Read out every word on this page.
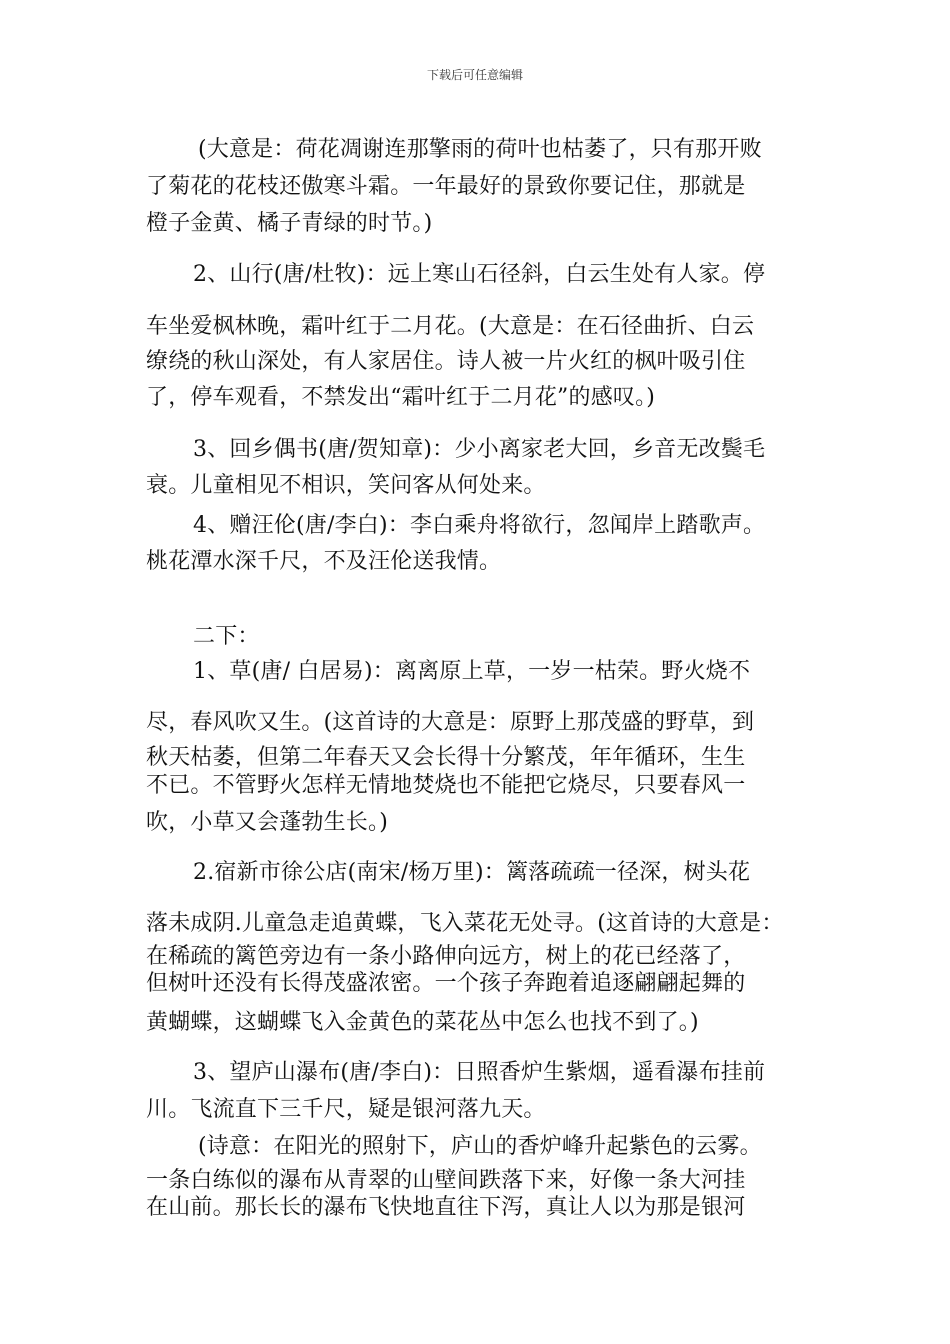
下载后可任意编辑
(大意是：荷花凋谢连那擎雨的荷叶也枯萎了，只有那开败
了菊花的花枝还傲寒斗霜。一年最好的景致你要记住，那就是
橙子金黄、橘子青绿的时节。)
2、山行(唐/杜牧)：远上寒山石径斜，白云生处有人家。停
车坐爱枫林晚，霜叶红于二月花。(大意是：在石径曲折、白云
缭绕的秋山深处，有人家居住。诗人被一片火红的枫叶吸引住
了，停车观看，不禁发出“霜叶红于二月花”的感叹。)
3、回乡偶书(唐/贺知章)：少小离家老大回，乡音无改鬓毛
衰。儿童相见不相识，笑问客从何处来。
4、赠汪伦(唐/李白)：李白乘舟将欲行，忽闻岸上踏歌声。
桃花潭水深千尺，不及汪伦送我情。
二下：
1、草(唐/ 白居易)：离离原上草，一岁一枯荣。野火烧不
尽，春风吹又生。(这首诗的大意是：原野上那茂盛的野草，到
秋天枯萎，但第二年春天又会长得十分繁茂，年年循环，生生
不已。不管野火怎样无情地焚烧也不能把它烧尽，只要春风一
吹，小草又会蓬勃生长。)
2.宿新市徐公店(南宋/杨万里)：篱落疏疏一径深，树头花
落未成阴.儿童急走追黄蝶，飞入菜花无处寻。(这首诗的大意是：
在稀疏的篱笆旁边有一条小路伸向远方，树上的花已经落了，
但树叶还没有长得茂盛浓密。一个孩子奔跑着追逐翩翩起舞的
黄蝴蝶，这蝴蝶飞入金黄色的菜花丛中怎么也找不到了。)
3、望庐山瀑布(唐/李白)：日照香炉生紫烟，遥看瀑布挂前
川。飞流直下三千尺，疑是银河落九天。
(诗意：在阳光的照射下，庐山的香炉峰升起紫色的云雾。
一条白练似的瀑布从青翠的山壁间跌落下来，好像一条大河挂
在山前。那长长的瀑布飞快地直往下泻，真让人以为那是银河
